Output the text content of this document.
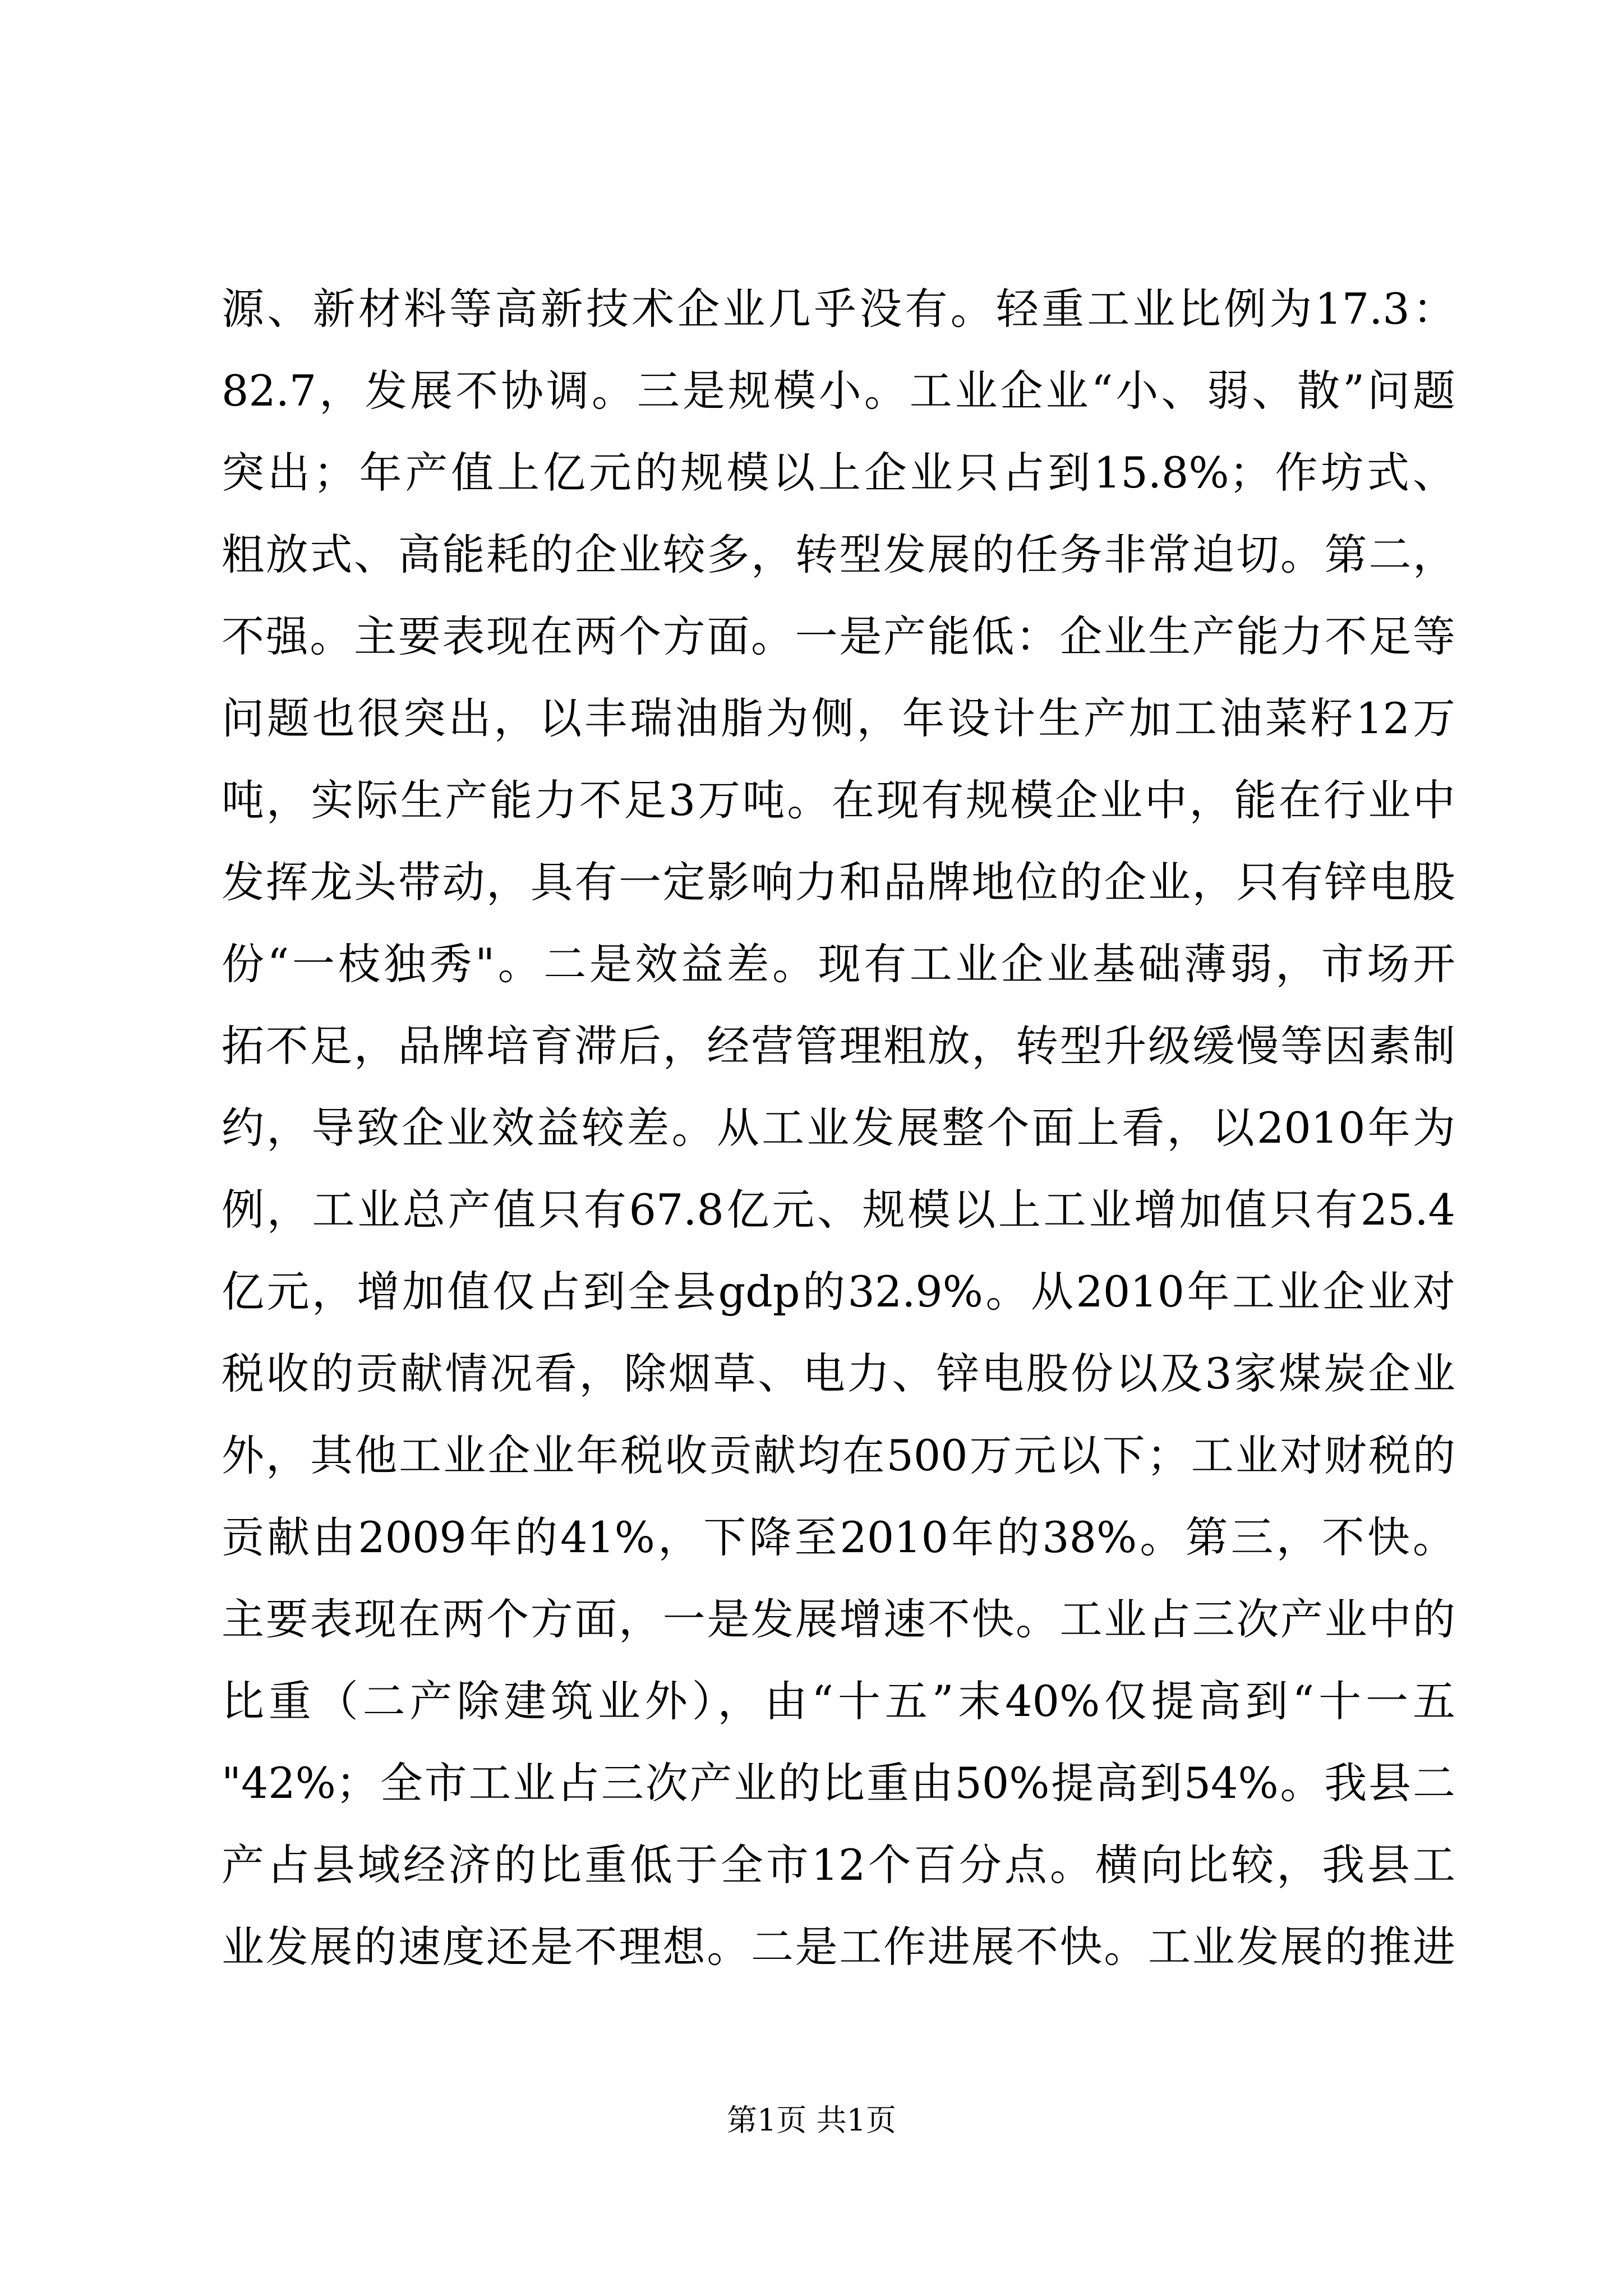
源、新材料等高新技术企业几乎没有。轻重工业比例为17.3：
82.7，发展不协调。三是规模小。工业企业“小、弱、散”问题
突出；年产值上亿元的规模以上企业只占到15.8%；作坊式、
粗放式、高能耗的企业较多，转型发展的任务非常迫切。第二，
不强。主要表现在两个方面。一是产能低：企业生产能力不足等
问题也很突出，以丰瑞油脂为侧，年设计生产加工油菜籽12万
吨，实际生产能力不足3万吨。在现有规模企业中，能在行业中
发挥龙头带动，具有一定影响力和品牌地位的企业，只有锌电股
份“一枝独秀"。二是效益差。现有工业企业基础薄弱，市场开
拓不足，品牌培育滞后，经营管理粗放，转型升级缓慢等因素制
约，导致企业效益较差。从工业发展整个面上看，以2010年为
例，工业总产值只有67.8亿元、规模以上工业增加值只有25.4
亿元，增加值仅占到全县gdp的32.9%。从2010年工业企业对
税收的贡献情况看，除烟草、电力、锌电股份以及3家煤炭企业
外，其他工业企业年税收贡献均在500万元以下；工业对财税的
贡献由2009年的41%，下降至2010年的38%。第三，不快。
主要表现在两个方面，一是发展增速不快。工业占三次产业中的
比重（二产除建筑业外），由“十五”末40%仅提高到“十一五
"42%；全市工业占三次产业的比重由50%提高到54%。我县二
产占县域经济的比重低于全市12个百分点。横向比较，我县工
业发展的速度还是不理想。二是工作进展不快。工业发展的推进
第1页 共1页
